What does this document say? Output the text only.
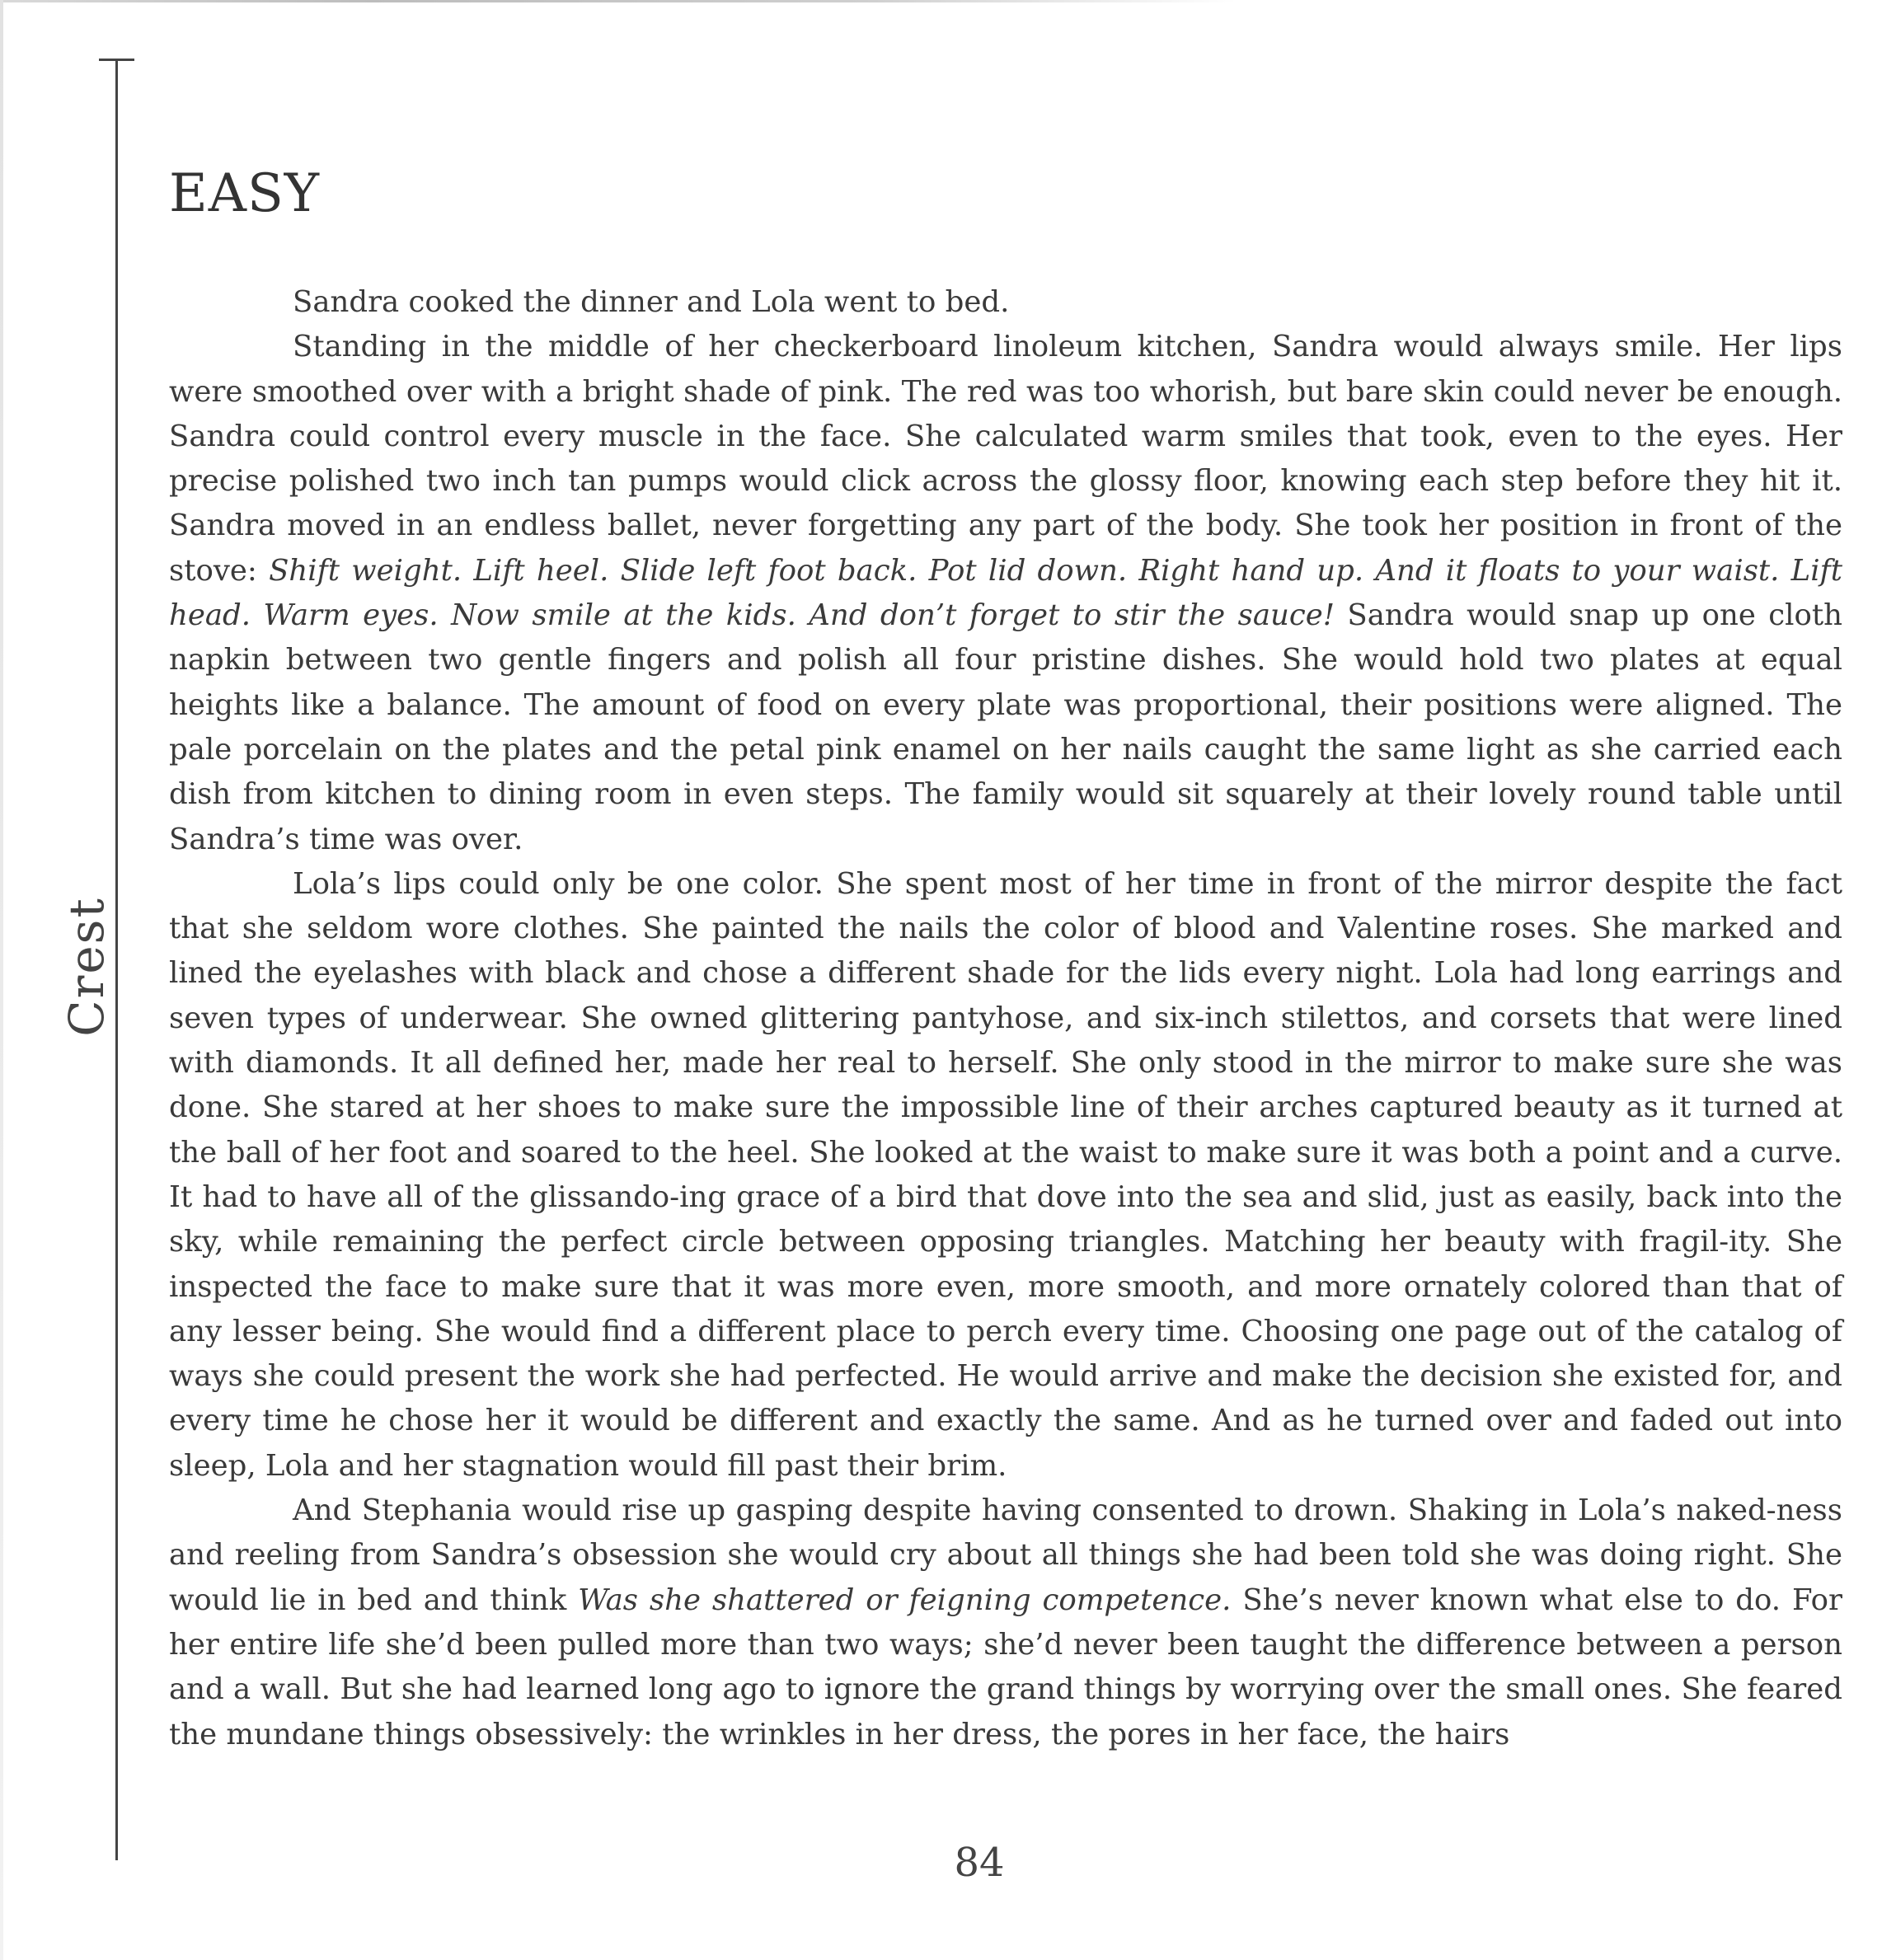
Crest
EASY

Sandra cooked the dinner and Lola went to bed.

Standing in the middle of her checkerboard linoleum kitchen, Sandra would always smile. Her lips were smoothed over with a bright shade of pink. The red was too whorish, but bare skin could never be enough. Sandra could control every muscle in the face. She calculated warm smiles that took, even to the eyes. Her precise polished two inch tan pumps would click across the glossy floor, knowing each step before they hit it. Sandra moved in an endless ballet, never forgetting any part of the body. She took her position in front of the stove: Shift weight. Lift heel. Slide left foot back. Pot lid down. Right hand up. And it floats to your waist. Lift head. Warm eyes. Now smile at the kids. And don’t forget to stir the sauce! Sandra would snap up one cloth napkin between two gentle fingers and polish all four pristine dishes. She would hold two plates at equal heights like a balance. The amount of food on every plate was proportional, their positions were aligned. The pale porcelain on the plates and the petal pink enamel on her nails caught the same light as she carried each dish from kitchen to dining room in even steps. The family would sit squarely at their lovely round table until Sandra’s time was over.

Lola’s lips could only be one color. She spent most of her time in front of the mirror despite the fact that she seldom wore clothes. She painted the nails the color of blood and Valentine roses. She marked and lined the eyelashes with black and chose a different shade for the lids every night. Lola had long earrings and seven types of underwear. She owned glittering pantyhose, and six-inch stilettos, and corsets that were lined with diamonds. It all defined her, made her real to herself. She only stood in the mirror to make sure she was done. She stared at her shoes to make sure the impossible line of their arches captured beauty as it turned at the ball of her foot and soared to the heel. She looked at the waist to make sure it was both a point and a curve. It had to have all of the glissando-ing grace of a bird that dove into the sea and slid, just as easily, back into the sky, while remaining the perfect circle between opposing triangles. Matching her beauty with fragil-ity. She inspected the face to make sure that it was more even, more smooth, and more ornately colored than that of any lesser being. She would find a different place to perch every time. Choosing one page out of the catalog of ways she could present the work she had perfected. He would arrive and make the decision she existed for, and every time he chose her it would be different and exactly the same. And as he turned over and faded out into sleep, Lola and her stagnation would fill past their brim.

And Stephania would rise up gasping despite having consented to drown. Shaking in Lola’s naked-ness and reeling from Sandra’s obsession she would cry about all things she had been told she was doing right. She would lie in bed and think Was she shattered or feigning competence. She’s never known what else to do. For her entire life she’d been pulled more than two ways; she’d never been taught the difference between a person and a wall. But she had learned long ago to ignore the grand things by worrying over the small ones. She feared the mundane things obsessively: the wrinkles in her dress, the pores in her face, the hairs

84
